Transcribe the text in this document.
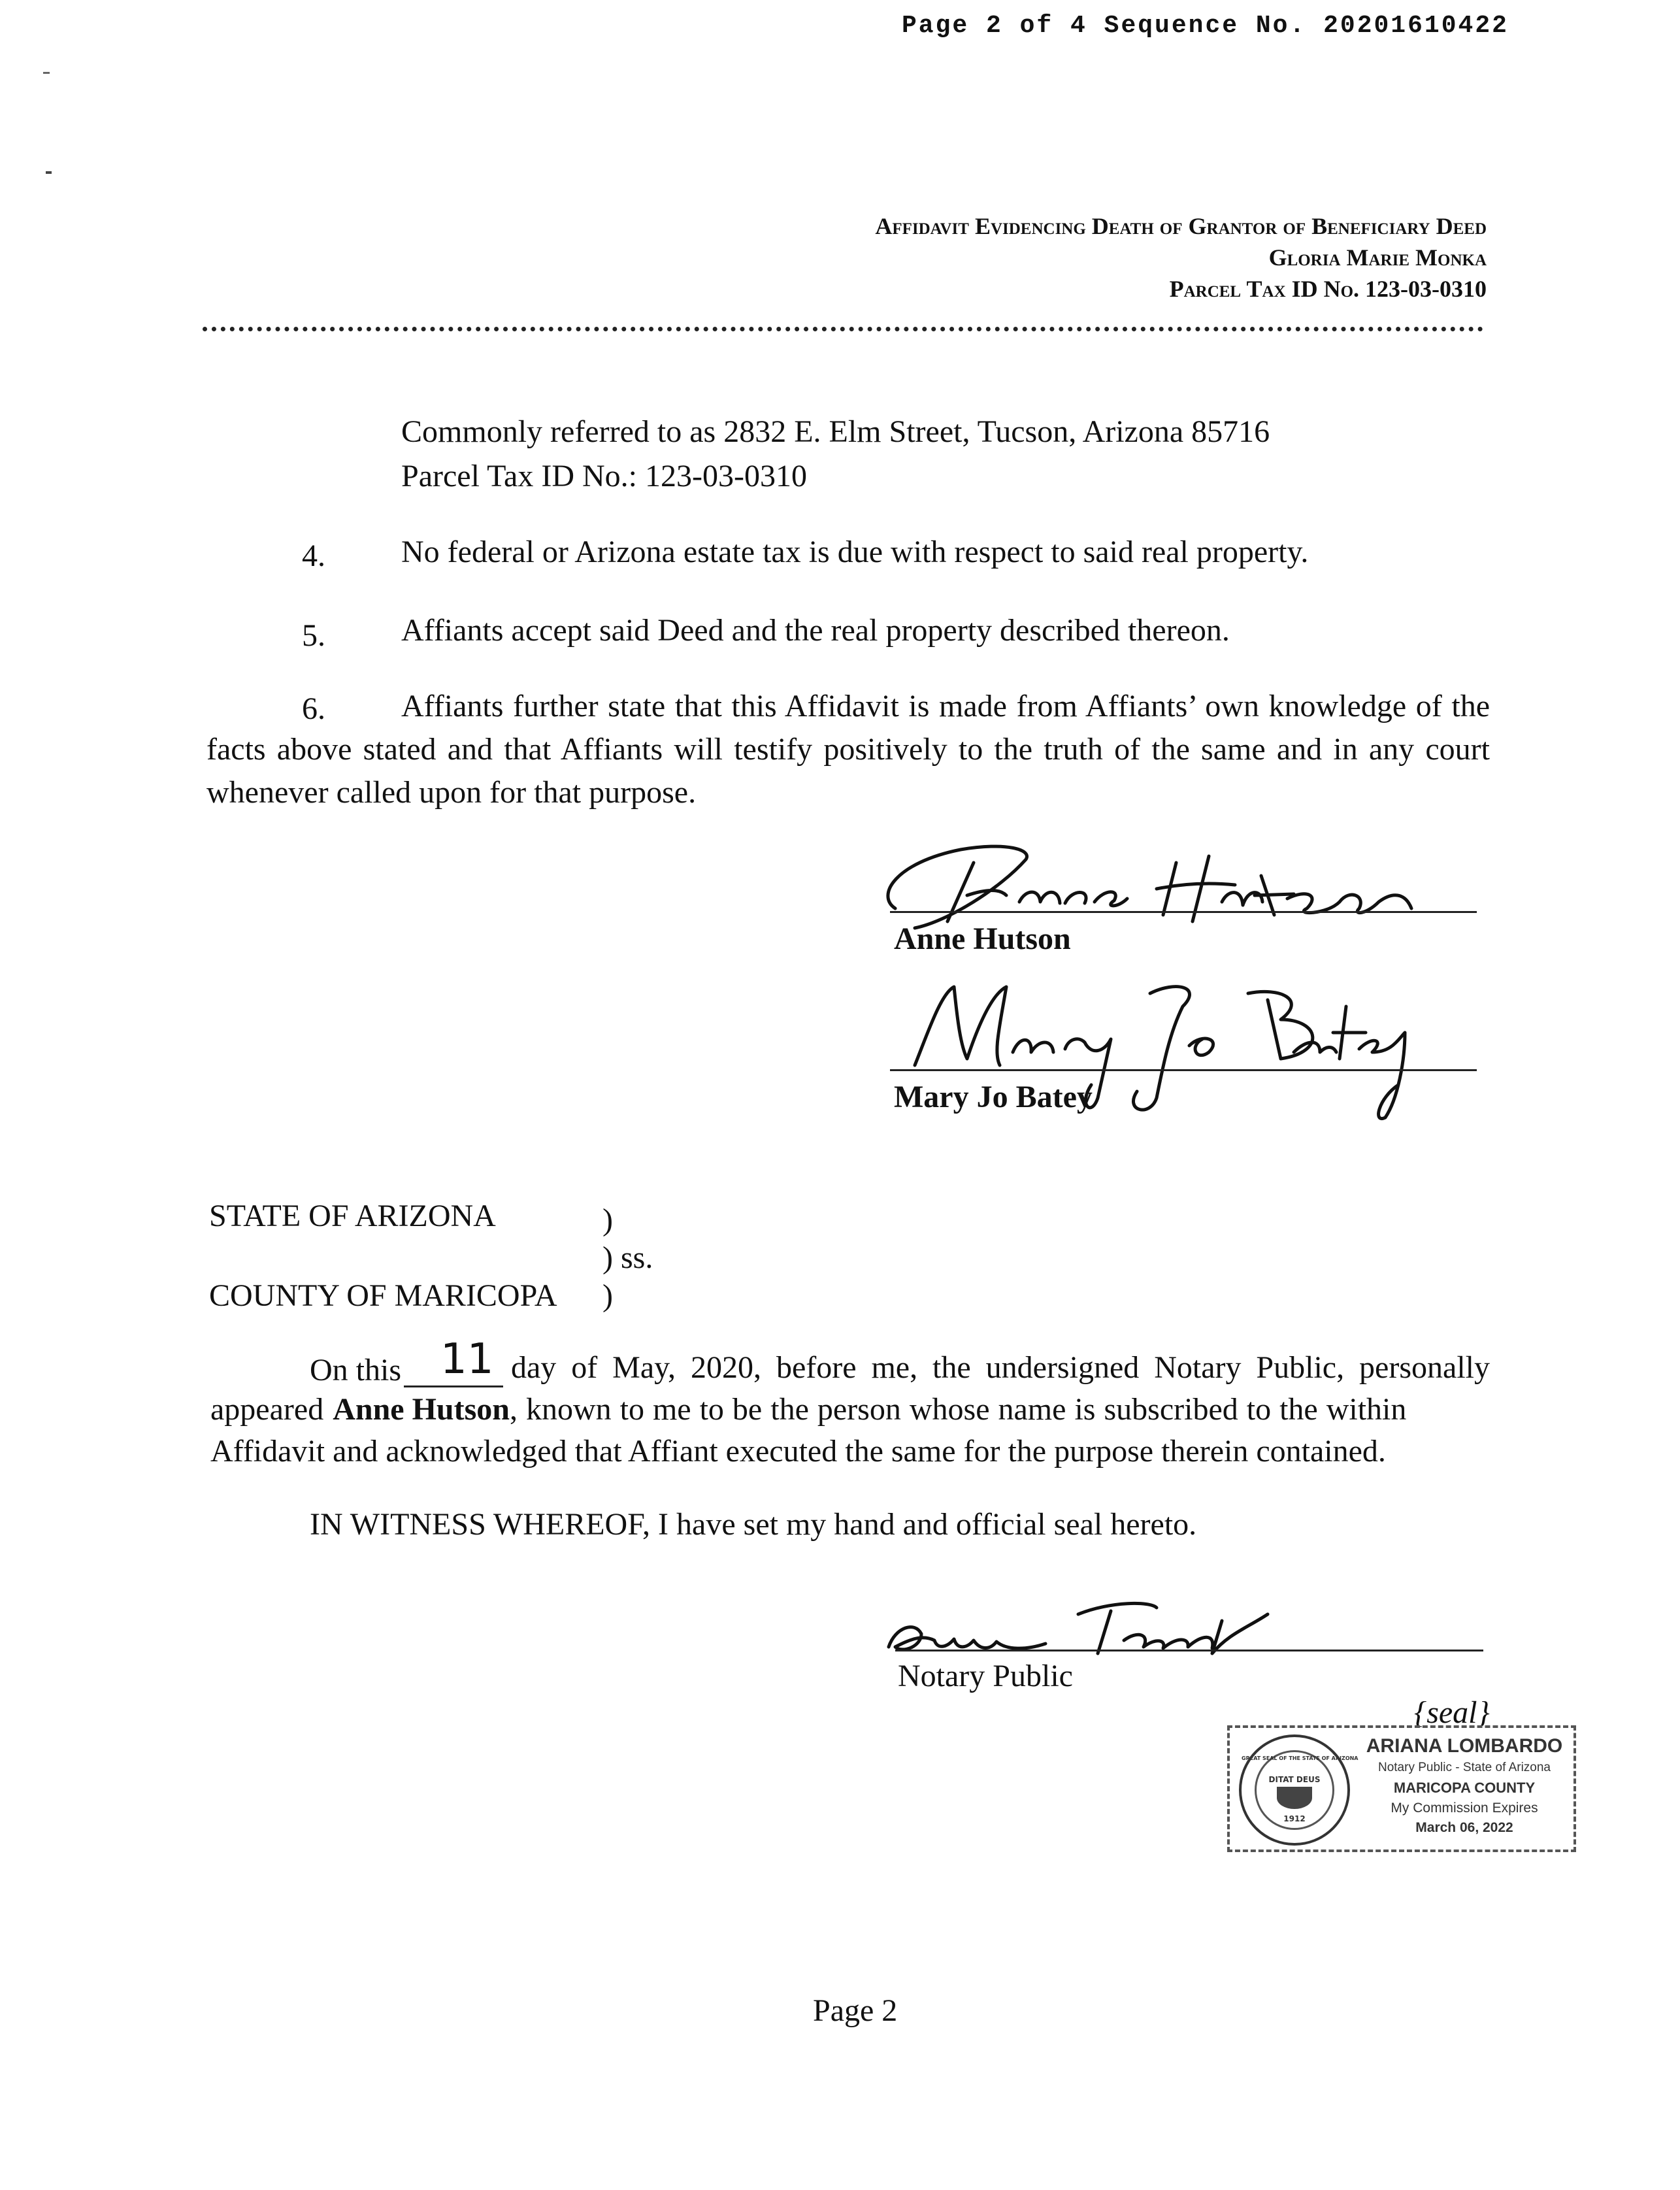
Page 2 of 4 Sequence No. 20201610422
Affidavit Evidencing Death of Grantor of Beneficiary Deed
Gloria Marie Monka
Parcel Tax ID No. 123-03-0310
Commonly referred to as 2832 E. Elm Street, Tucson, Arizona 85716
Parcel Tax ID No.: 123-03-0310
4. No federal or Arizona estate tax is due with respect to said real property.
5. Affiants accept said Deed and the real property described thereon.
6. Affiants further state that this Affidavit is made from Affiants’ own knowledge of the
facts above stated and that Affiants will testify positively to the truth of the same and in any court
whenever called upon for that purpose.
Anne Hutson
Mary Jo Batey
STATE OF ARIZONA	)
) ss.
COUNTY OF MARICOPA )
On this 11 day of May, 2020, before me, the undersigned Notary Public, personally
appeared Anne Hutson , known to me to be the person whose name is subscribed to the within
Affidavit and acknowledged that Affiant executed the same for the purpose therein contained.
IN WITNESS WHEREOF, I have set my hand and official seal hereto.
Notary Public
{seal}
GREAT SEAL OF THE STATE OF ARIZONA
DITAT DEUS
1912
ARIANA LOMBARDO
Notary Public - State of Arizona
MARICOPA COUNTY
My Commission Expires
March 06, 2022
Page 2
